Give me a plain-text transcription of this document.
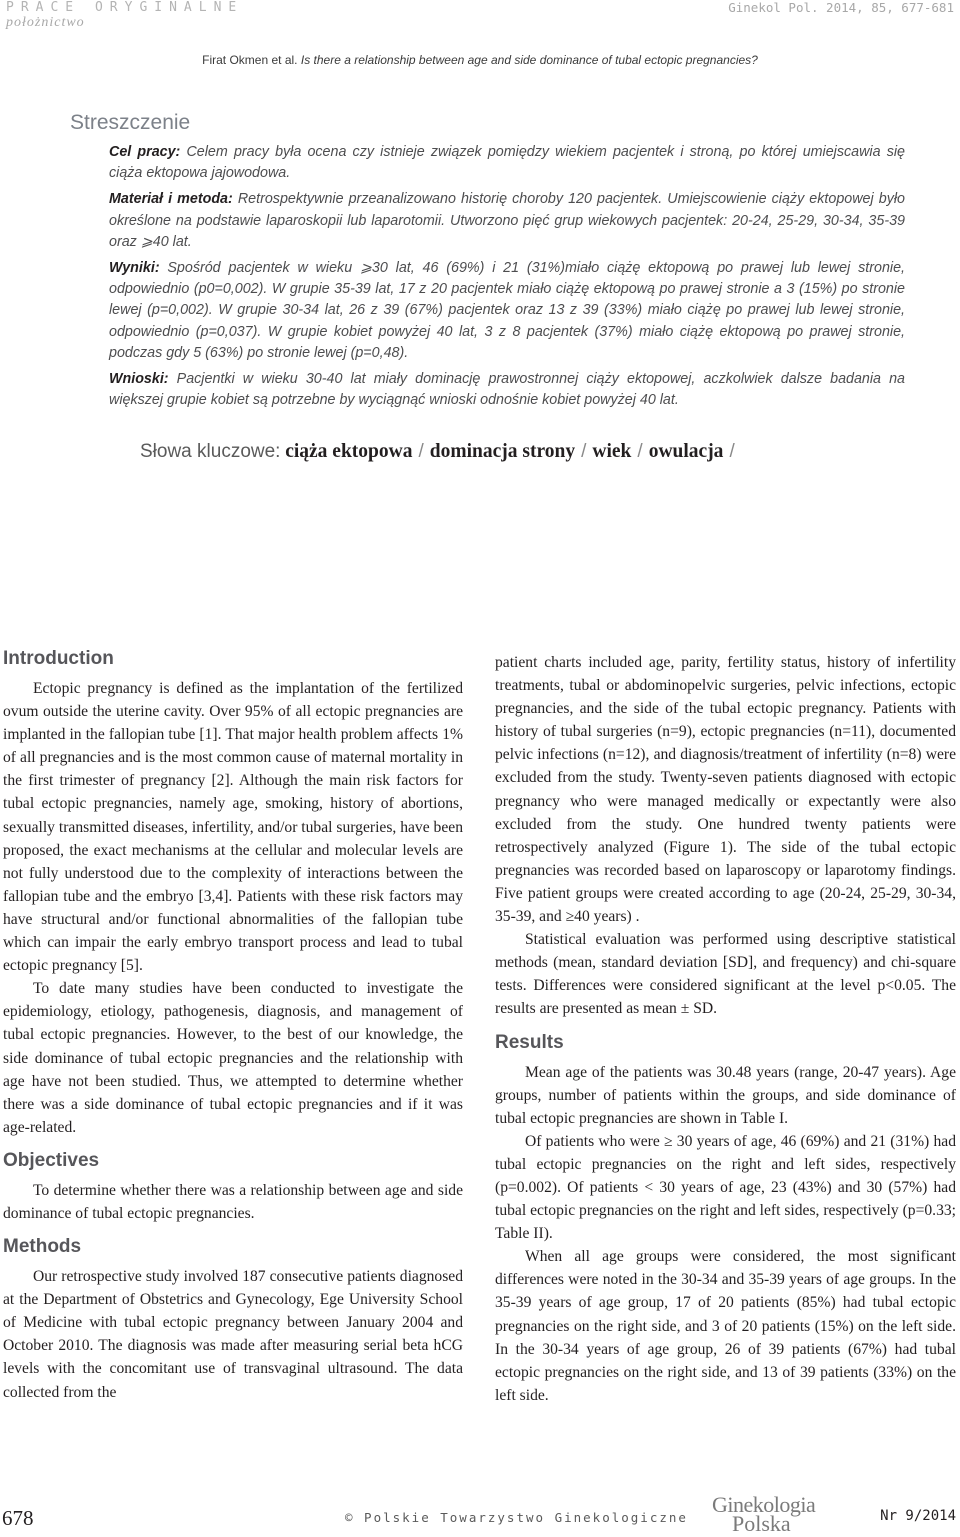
PRACE ORYGINALNE
położnictwo
Ginekol Pol. 2014, 85, 677-681
Firat Okmen et al. Is there a relationship between age and side dominance of tubal ectopic pregnancies?
Streszczenie

Cel pracy: Celem pracy była ocena czy istnieje związek pomiędzy wiekiem pacjentek i stroną, po której umiejscawia się ciąża ektopowa jajowodowa.

Materiał i metoda: Retrospektywnie przeanalizowano historię choroby 120 pacjentek. Umiejscowienie ciąży ektopowej było określone na podstawie laparoskopii lub laparotomii. Utworzono pięć grup wiekowych pacjentek: 20-24, 25-29, 30-34, 35-39 oraz ⩾40 lat.

Wyniki: Spośród pacjentek w wieku ⩾30 lat, 46 (69%) i 21 (31%)miało ciążę ektopową po prawej lub lewej stronie, odpowiednio (p0=0,002). W grupie 35-39 lat, 17 z 20 pacjentek miało ciążę ektopową po prawej stronie a 3 (15%) po stronie lewej (p=0,002). W grupie 30-34 lat, 26 z 39 (67%) pacjentek oraz 13 z 39 (33%) miało ciążę po prawej lub lewej stronie, odpowiednio (p=0,037). W grupie kobiet powyżej 40 lat, 3 z 8 pacjentek (37%) miało ciążę ektopową po prawej stronie, podczas gdy 5 (63%) po stronie lewej (p=0,48).

Wnioski: Pacjentki w wieku 30-40 lat miały dominację prawostronnej ciąży ektopowej, aczkolwiek dalsze badania na większej grupie kobiet są potrzebne by wyciągnąć wnioski odnośnie kobiet powyżej 40 lat.

Słowa kluczowe: ciąża ektopowa / dominacja strony / wiek / owulacja /
Introduction

Ectopic pregnancy is defined as the implantation of the fertilized ovum outside the uterine cavity. Over 95% of all ectopic pregnancies are implanted in the fallopian tube [1]. That major health problem affects 1% of all pregnancies and is the most common cause of maternal mortality in the first trimester of pregnancy [2]. Although the main risk factors for tubal ectopic pregnancies, namely age, smoking, history of abortions, sexually transmitted diseases, infertility, and/or tubal surgeries, have been proposed, the exact mechanisms at the cellular and molecular levels are not fully understood due to the complexity of interactions between the fallopian tube and the embryo [3,4]. Patients with these risk factors may have structural and/or functional abnormalities of the fallopian tube which can impair the early embryo transport process and lead to tubal ectopic pregnancy [5].

To date many studies have been conducted to investigate the epidemiology, etiology, pathogenesis, diagnosis, and management of tubal ectopic pregnancies. However, to the best of our knowledge, the side dominance of tubal ectopic pregnancies and the relationship with age have not been studied. Thus, we attempted to determine whether there was a side dominance of tubal ectopic pregnancies and if it was age-related.

Objectives

To determine whether there was a relationship between age and side dominance of tubal ectopic pregnancies.

Methods

Our retrospective study involved 187 consecutive patients diagnosed at the Department of Obstetrics and Gynecology, Ege University School of Medicine with tubal ectopic pregnancy between January 2004 and October 2010. The diagnosis was made after measuring serial beta hCG levels with the concomitant use of transvaginal ultrasound. The data collected from the

patient charts included age, parity, fertility status, history of infertility treatments, tubal or abdominopelvic surgeries, pelvic infections, ectopic pregnancies, and the side of the tubal ectopic pregnancy. Patients with history of tubal surgeries (n=9), ectopic pregnancies (n=11), documented pelvic infections (n=12), and diagnosis/treatment of infertility (n=8) were excluded from the study. Twenty-seven patients diagnosed with ectopic pregnancy who were managed medically or expectantly were also excluded from the study. One hundred twenty patients were retrospectively analyzed (Figure 1). The side of the tubal ectopic pregnancies was recorded based on laparoscopy or laparotomy findings. Five patient groups were created according to age (20-24, 25-29, 30-34, 35-39, and ≥40 years) .

Statistical evaluation was performed using descriptive statistical methods (mean, standard deviation [SD], and frequency) and chi-square tests. Differences were considered significant at the level p<0.05. The results are presented as mean ± SD.

Results

Mean age of the patients was 30.48 years (range, 20-47 years). Age groups, number of patients within the groups, and side dominance of tubal ectopic pregnancies are shown in Table I.

Of patients who were ≥ 30 years of age, 46 (69%) and 21 (31%) had tubal ectopic pregnancies on the right and left sides, respectively (p=0.002). Of patients < 30 years of age, 23 (43%) and 30 (57%) had tubal ectopic pregnancies on the right and left sides, respectively (p=0.33; Table II).

When all age groups were considered, the most significant differences were noted in the 30-34 and 35-39 years of age groups. In the 35-39 years of age group, 17 of 20 patients (85%) had tubal ectopic pregnancies on the right side, and 3 of 20 patients (15%) on the left side. In the 30-34 years of age group, 26 of 39 patients (67%) had tubal ectopic pregnancies on the right side, and 13 of 39 patients (33%) on the left side.

678	© Polskie Towarzystwo Ginekologiczne
Ginekologia
Polska	Nr 9/2014
